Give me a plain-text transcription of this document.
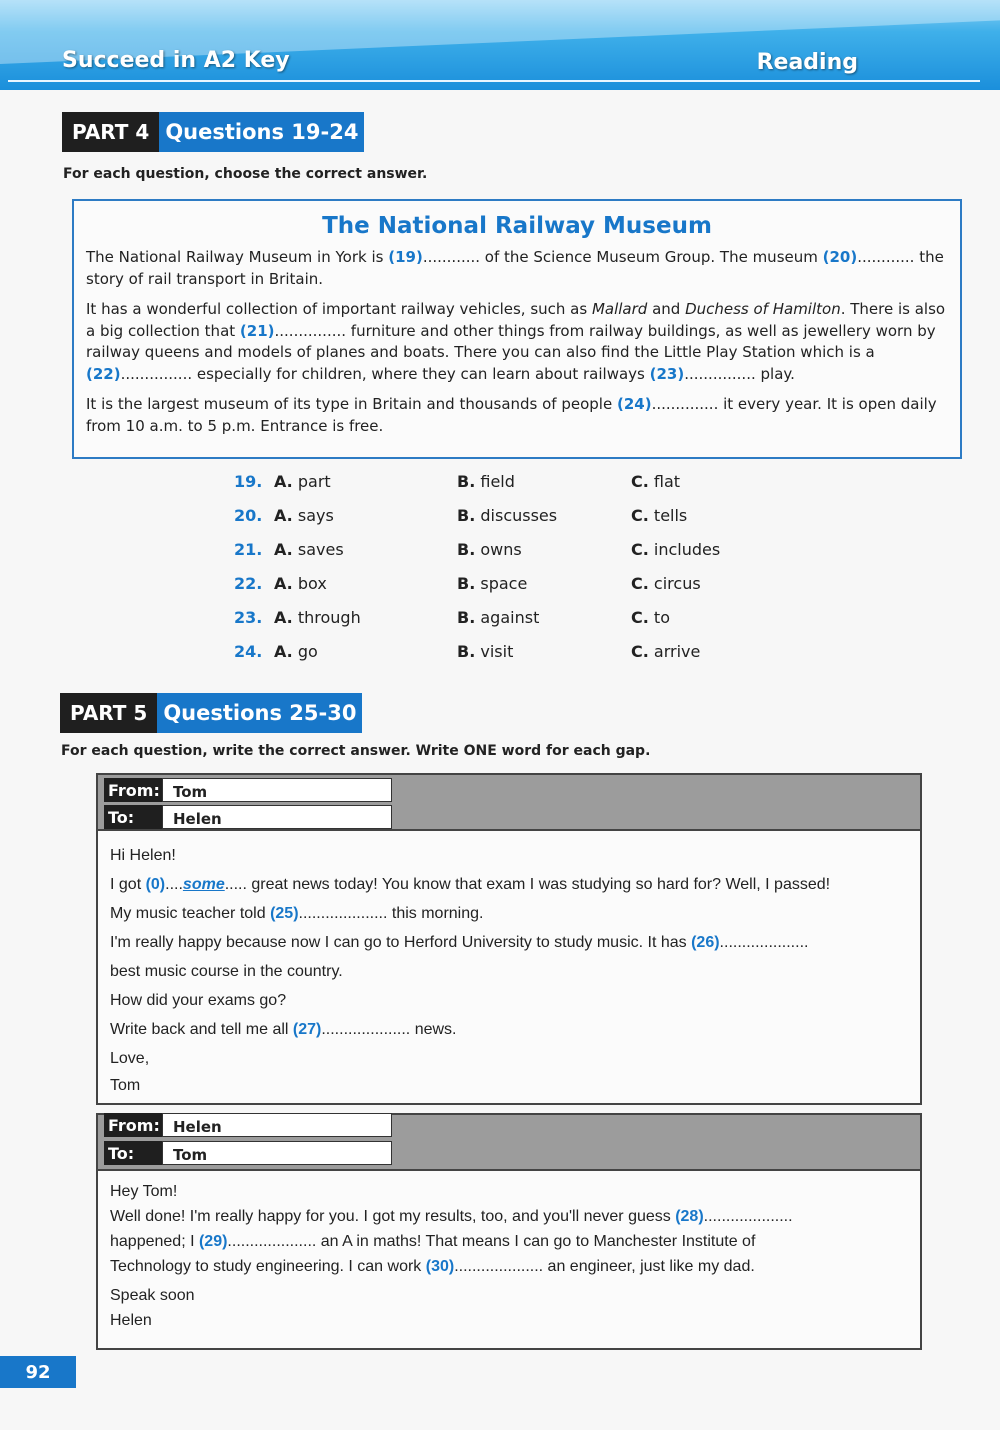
Succeed in A2 Key	Reading
PART 4 Questions 19-24
For each question, choose the correct answer.
The National Railway Museum

The National Railway Museum in York is (19)............ of the Science Museum Group. The museum (20)............ the story of rail transport in Britain.

It has a wonderful collection of important railway vehicles, such as Mallard and Duchess of Hamilton. There is also a big collection that (21)............... furniture and other things from railway buildings, as well as jewellery worn by railway queens and models of planes and boats. There you can also find the Little Play Station which is a (22)............... especially for children, where they can learn about railways (23)............... play.

It is the largest museum of its type in Britain and thousands of people (24).............. it every year. It is open daily from 10 a.m. to 5 p.m. Entrance is free.

19. A. part	B. field	C. flat
20. A. says	B. discusses	C. tells
21. A. saves	B. owns	C. includes
22. A. box	B. space	C. circus
23. A. through	B. against	C. to
24. A. go	B. visit	C. arrive
PART 5 Questions 25-30
For each question, write the correct answer. Write ONE word for each gap.
From: Tom
To:	Helen
Hi Helen!
I got (0)....some..... great news today! You know that exam I was studying so hard for? Well, I passed!
My music teacher told (25).................... this morning.
I'm really happy because now I can go to Herford University to study music. It has (26)....................
best music course in the country.
How did your exams go?
Write back and tell me all (27).................... news.
Love,
Tom
From: Helen
To:	Tom
Hey Tom!
Well done! I'm really happy for you. I got my results, too, and you'll never guess (28)....................
happened; I (29).................... an A in maths! That means I can go to Manchester Institute of
Technology to study engineering. I can work (30).................... an engineer, just like my dad.
Speak soon
Helen
92
